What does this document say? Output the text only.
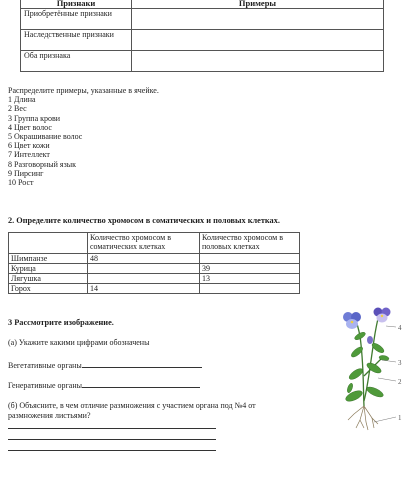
Признаки	Примеры
Приобретённые признаки	
Наследственные признаки	
Оба признака	
Распределите примеры, указанные в ячейке.
1 Длина
2 Вес
3 Группа крови
4 Цвет волос
5 Окрашивание волос
6 Цвет кожи
7 Интеллект
8 Разговорный язык
9 Пирсинг
10 Рост
2. Определите количество хромосом в соматических и половых клетках.
	Количество хромосом в соматических клетках	Количество хромосом в половых клетках
Шимпанзе	48	
Курица		39
Лягушка		13
Горох	14	
3 Рассмотрите изображение.
(а) Укажите какими цифрами обозначены
Вегетативные органы
Генеративные органы
(б) Объясните, в чем отличие размножения с участием органа под №4 от
размножения листьями?
4
3
2
1
